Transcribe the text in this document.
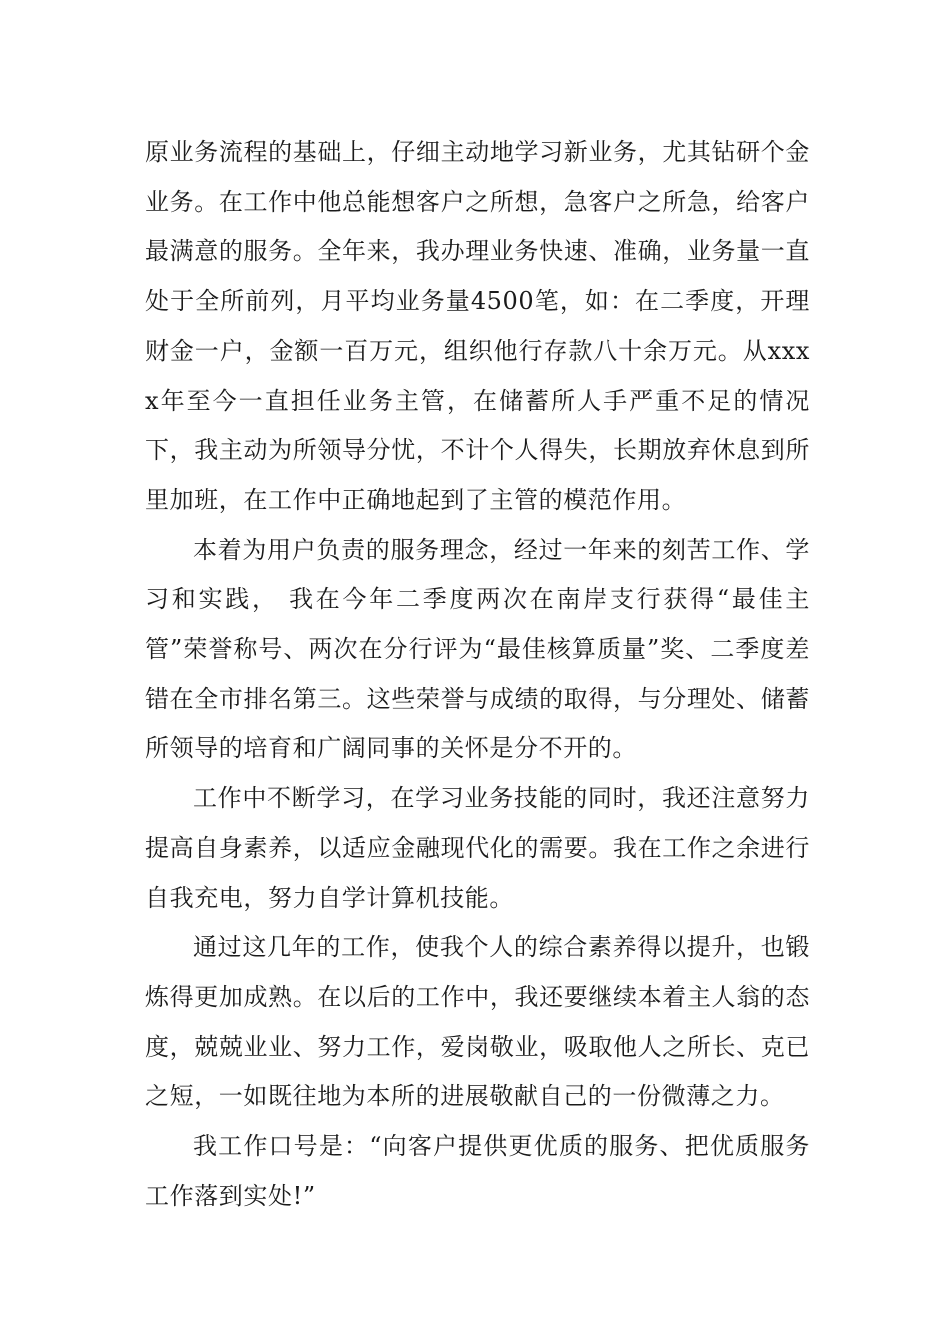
原业务流程的基础上，仔细主动地学习新业务，尤其钻研个金业务。在工作中他总能想客户之所想，急客户之所急，给客户最满意的服务。全年来，我办理业务快速、准确，业务量一直处于全所前列，月平均业务量4500笔，如：在二季度，开理财金一户，金额一百万元，组织他行存款八十余万元。从xxxx年至今一直担任业务主管，在储蓄所人手严重不足的情况下，我主动为所领导分忧，不计个人得失，长期放弃休息到所里加班，在工作中正确地起到了主管的模范作用。

本着为用户负责的服务理念，经过一年来的刻苦工作、学习和实践， 我在今年二季度两次在南岸支行获得“最佳主管”荣誉称号、两次在分行评为“最佳核算质量”奖、二季度差错在全市排名第三。这些荣誉与成绩的取得，与分理处、储蓄所领导的培育和广阔同事的关怀是分不开的。

工作中不断学习，在学习业务技能的同时，我还注意努力提高自身素养，以适应金融现代化的需要。我在工作之余进行自我充电，努力自学计算机技能。

通过这几年的工作，使我个人的综合素养得以提升，也锻炼得更加成熟。在以后的工作中，我还要继续本着主人翁的态度，兢兢业业、努力工作，爱岗敬业，吸取他人之所长、克已之短，一如既往地为本所的进展敬献自己的一份微薄之力。

我工作口号是：“向客户提供更优质的服务、把优质服务工作落到实处!”
